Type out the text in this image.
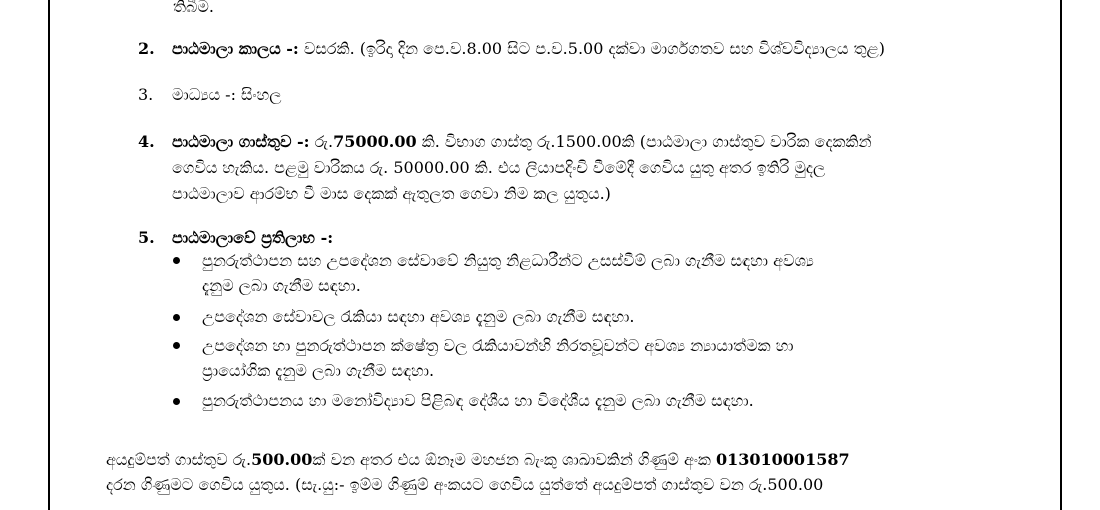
තිබීම.
2. පාඨමාලා කාලය -: වසරකි. (ඉරිදා දින පෙ.ව.8.00 සිට ප.ව.5.00 දක්වා මාර්ගගතව සහ විශ්වවිද්‍යාලය තුළ)
3. මාධ්‍යය -: සිංහල
4. පාඨමාලා ගාස්තුව -: රු.75000.00 කි. විභාග ගාස්තු රු.1500.00කි (පාඨමාලා ගාස්තුව වාරික දෙකකින්
ගෙවිය හැකිය. පළමු වාරිකය රු. 50000.00 කි. එය ලියාපදිංචි වීමේදී ගෙවිය යුතු අතර ඉතිරි මුදල
පාඨමාලාව ආරම්භ වී මාස දෙකක් ඇතුලත ගෙවා නිම කල යුතුය.)
5. පාඨමාලාවේ ප්‍රතිලාභ -:
පුනරුත්ථාපන සහ උපදේශන සේවාවේ නියුතු නිළධාරීන්ට උසස්වීම් ලබා ගැනීම සඳහා අවශ්‍ය
දැනුම ලබා ගැනීම සඳහා.
උපදේශන සේවාවල රැකියා සඳහා අවශ්‍ය දැනුම ලබා ගැනීම සඳහා.
උපදේශන හා පුනරුත්ථාපන ක්ෂේත්‍ර වල රැකියාවන්හි නිරතවූවන්ට අවශ්‍ය න්‍යායාත්මක හා
ප්‍රායෝගික දැනුම ලබා ගැනීම සඳහා.
පුනරුත්ථාපනය හා මනෝවිද්‍යාව පිළිබඳ දේශීය හා විදේශීය දැනුම ලබා ගැනීම සඳහා.
අයදුම්පත් ගාස්තුව රු.500.00ක් වන අතර එය ඕනෑම මහජන බැංකු ශාඛාවකින් ගිණුම් අංක 013010001587
දරන ගිණුමට ගෙවිය යුතුය. (සැ.යු:- ඉම්ම ගිණුම් අංකයට ගෙවිය යුත්තේ අයදුම්පත් ගාස්තුව වන රු.500.00
